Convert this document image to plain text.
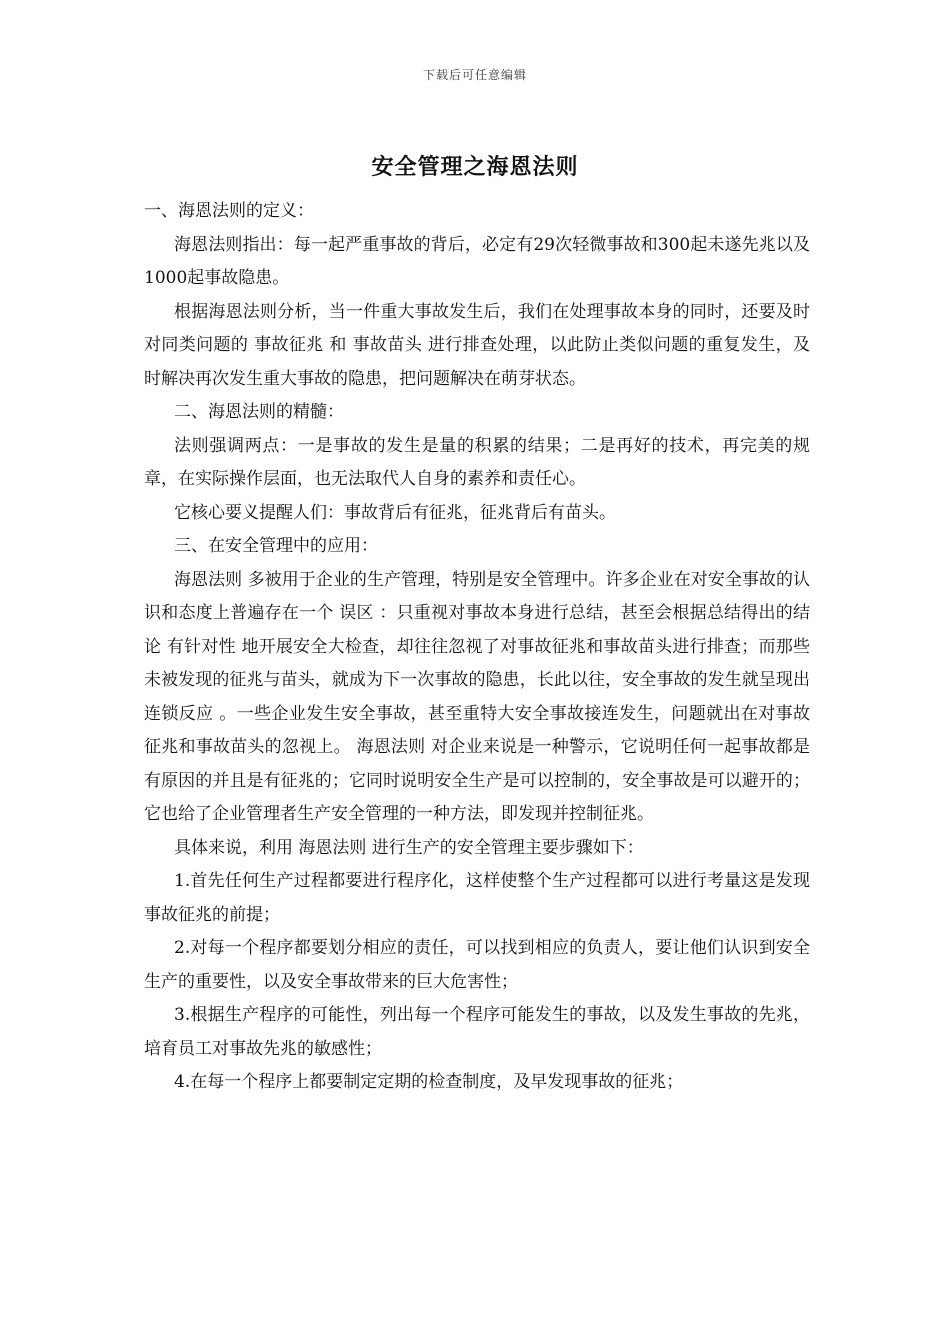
下载后可任意编辑
安全管理之海恩法则

一、海恩法则的定义：

海恩法则指出：每一起严重事故的背后，必定有29次轻微事故和300起未遂先兆以及1000起事故隐患。

根据海恩法则分析，当一件重大事故发生后，我们在处理事故本身的同时，还要及时对同类问题的 事故征兆 和 事故苗头 进行排查处理，以此防止类似问题的重复发生，及时解决再次发生重大事故的隐患，把问题解决在萌芽状态。

二、海恩法则的精髓：

法则强调两点：一是事故的发生是量的积累的结果；二是再好的技术，再完美的规章，在实际操作层面，也无法取代人自身的素养和责任心。

它核心要义提醒人们：事故背后有征兆，征兆背后有苗头。

三、在安全管理中的应用：

海恩法则 多被用于企业的生产管理，特别是安全管理中。许多企业在对安全事故的认识和态度上普遍存在一个 误区 ：只重视对事故本身进行总结，甚至会根据总结得出的结论 有针对性 地开展安全大检查，却往往忽视了对事故征兆和事故苗头进行排查；而那些未被发现的征兆与苗头，就成为下一次事故的隐患，长此以往，安全事故的发生就呈现出 连锁反应 。一些企业发生安全事故，甚至重特大安全事故接连发生，问题就出在对事故征兆和事故苗头的忽视上。 海恩法则 对企业来说是一种警示，它说明任何一起事故都是有原因的并且是有征兆的；它同时说明安全生产是可以控制的，安全事故是可以避开的；它也给了企业管理者生产安全管理的一种方法，即发现并控制征兆。

具体来说，利用 海恩法则 进行生产的安全管理主要步骤如下：

1.首先任何生产过程都要进行程序化，这样使整个生产过程都可以进行考量这是发现事故征兆的前提；

2.对每一个程序都要划分相应的责任，可以找到相应的负责人，要让他们认识到安全生产的重要性，以及安全事故带来的巨大危害性；

3.根据生产程序的可能性，列出每一个程序可能发生的事故，以及发生事故的先兆，培育员工对事故先兆的敏感性；

4.在每一个程序上都要制定定期的检查制度，及早发现事故的征兆；
